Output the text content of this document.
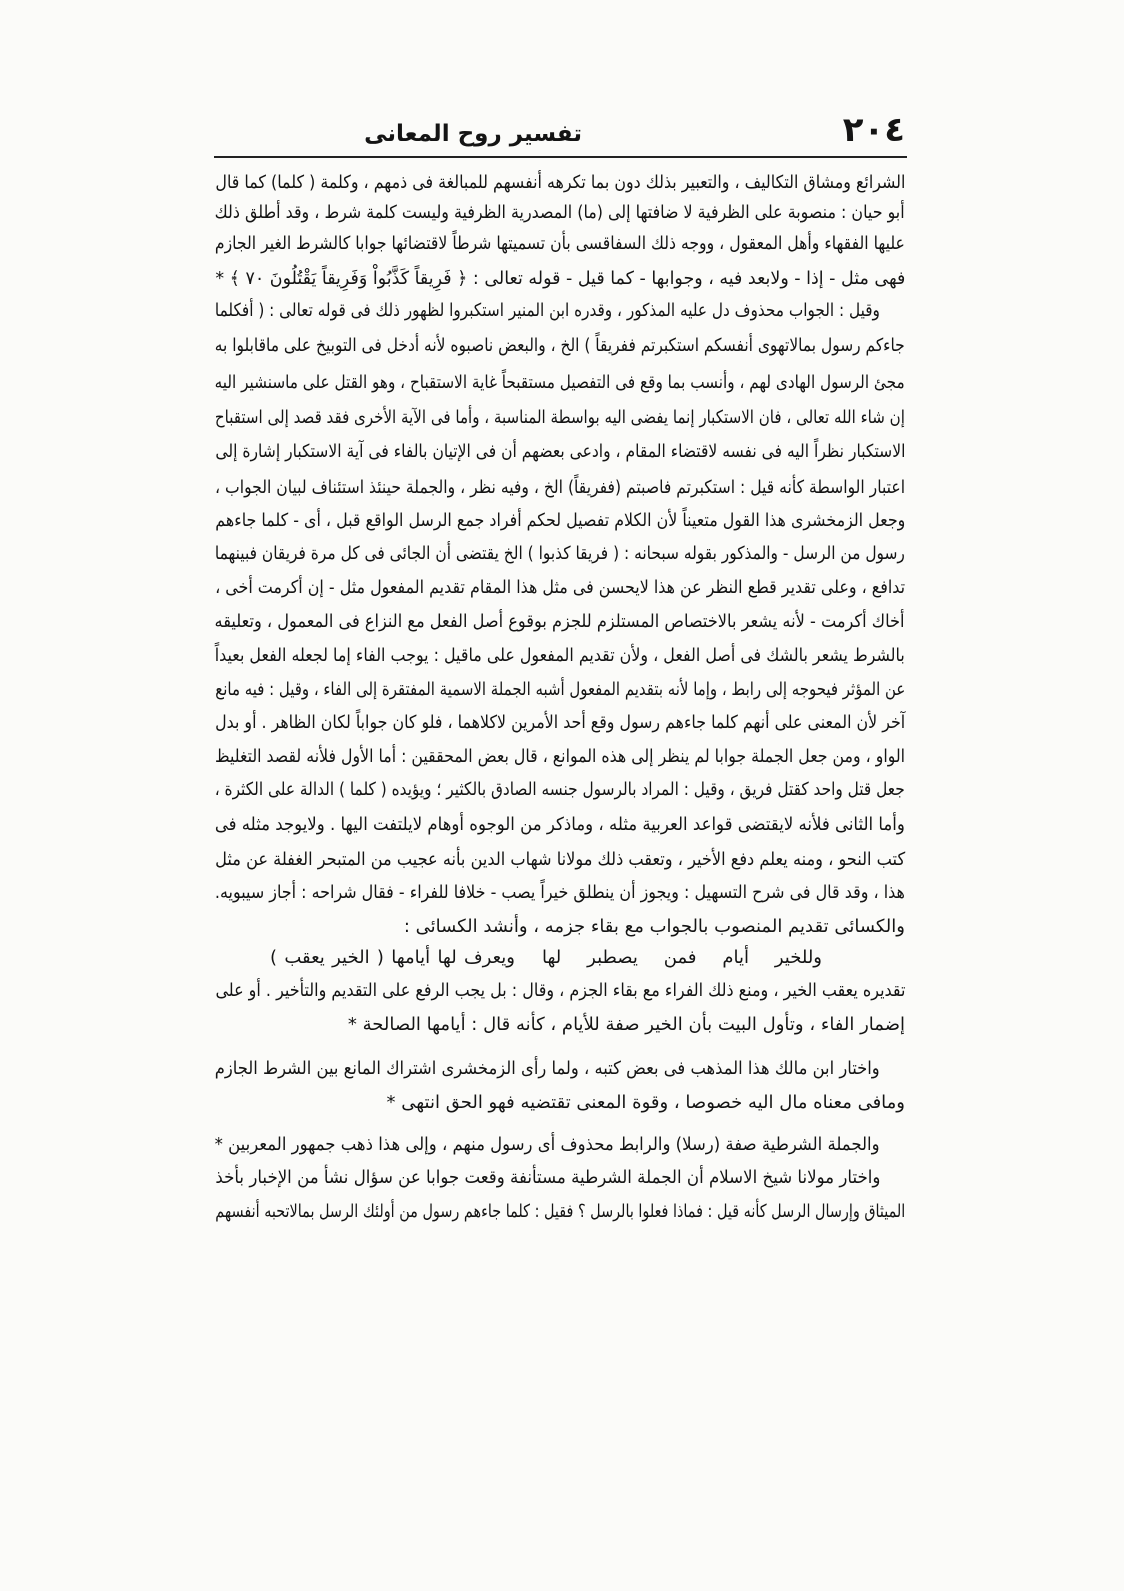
٢٠٤
تفسير روح المعانى
الشرائع ومشاق التكاليف ، والتعبير بذلك دون بما تكرهه أنفسهم للمبالغة فى ذمهم ، وكلمة ( كلما) كما قال
أبو حيان : منصوبة على الظرفية لا ضافتها إلى (ما) المصدرية الظرفية وليست كلمة شرط ، وقد أطلق ذلك
عليها الفقهاء وأهل المعقول ، ووجه ذلك السفاقسى بأن تسميتها شرطاً لاقتضائها جوابا كالشرط الغير الجازم
فهى مثل - إذا - ولابعد فيه ، وجوابها - كما قيل - قوله تعالى : ﴿ فَرِيقاً كَذَّبُواْ وَفَرِيقاً يَقْتُلُونَ ٧٠ ﴾ *
وقيل : الجواب محذوف دل عليه المذكور ، وقدره ابن المنير استكبروا لظهور ذلك فى قوله تعالى : ( أفكلما
جاءكم رسول بمالاتهوى أنفسكم استكبرتم ففريقاً ) الخ ، والبعض ناصبوه لأنه أدخل فى التوبيخ على ماقابلوا به
مجئ الرسول الهادى لهم ، وأنسب بما وقع فى التفصيل مستقبحاً غاية الاستقباح ، وهو القتل على ماسنشير اليه
إن شاء الله تعالى ، فان الاستكبار إنما يفضى اليه بواسطة المناسبة ، وأما فى الآية الأخرى فقد قصد إلى استقباح
الاستكبار نظراً اليه فى نفسه لاقتضاء المقام ، وادعى بعضهم أن فى الإتيان بالفاء فى آية الاستكبار إشارة إلى
اعتبار الواسطة كأنه قيل : استكبرتم فاصبتم (ففريقاً) الخ ، وفيه نظر ، والجملة حينئذ استئناف لبيان الجواب ،
وجعل الزمخشرى هذا القول متعيناً لأن الكلام تفصيل لحكم أفراد جمع الرسل الواقع قبل ، أى - كلما جاءهم
رسول من الرسل - والمذكور بقوله سبحانه : ( فريقا كذبوا ) الخ يقتضى أن الجائى فى كل مرة فريقان فبينهما
تدافع ، وعلى تقدير قطع النظر عن هذا لايحسن فى مثل هذا المقام تقديم المفعول مثل - إن أكرمت أخى ،
أخاك أكرمت - لأنه يشعر بالاختصاص المستلزم للجزم بوقوع أصل الفعل مع النزاع فى المعمول ، وتعليقه
بالشرط يشعر بالشك فى أصل الفعل ، ولأن تقديم المفعول على ماقيل : يوجب الفاء إما لجعله الفعل بعيداً
عن المؤثر فيحوجه إلى رابط ، وإما لأنه بتقديم المفعول أشبه الجملة الاسمية المفتقرة إلى الفاء ، وقيل : فيه مانع
آخر لأن المعنى على أنهم كلما جاءهم رسول وقع أحد الأمرين لاكلاهما ، فلو كان جواباً لكان الظاهر . أو بدل
الواو ، ومن جعل الجملة جوابا لم ينظر إلى هذه الموانع ، قال بعض المحققين : أما الأول فلأنه لقصد التغليظ
جعل قتل واحد كقتل فريق ، وقيل : المراد بالرسول جنسه الصادق بالكثير ؛ ويؤيده ( كلما ) الدالة على الكثرة ،
وأما الثانى فلأنه لايقتضى قواعد العربية مثله ، وماذكر من الوجوه أوهام لايلتفت اليها . ولايوجد مثله فى
كتب النحو ، ومنه يعلم دفع الأخير ، وتعقب ذلك مولانا شهاب الدين بأنه عجيب من المتبحر الغفلة عن مثل
هذا ، وقد قال فى شرح التسهيل : ويجوز أن ينطلق خيراً يصب - خلافا للفراء - فقال شراحه : أجاز سيبويه.
والكسائى تقديم المنصوب بالجواب مع بقاء جزمه ، وأنشد الكسائى :
وللخير أيام فمن يصطبر لها
ويعرف لها أيامها ( الخير يعقب )
تقديره يعقب الخير ، ومنع ذلك الفراء مع بقاء الجزم ، وقال : بل يجب الرفع على التقديم والتأخير . أو على
إضمار الفاء ، وتأول البيت بأن الخير صفة للأيام ، كأنه قال : أيامها الصالحة *
واختار ابن مالك هذا المذهب فى بعض كتبه ، ولما رأى الزمخشرى اشتراك المانع بين الشرط الجازم
ومافى معناه مال اليه خصوصا ، وقوة المعنى تقتضيه فهو الحق انتهى *
والجملة الشرطية صفة (رسلا) والرابط محذوف أى رسول منهم ، وإلى هذا ذهب جمهور المعربين *
واختار مولانا شيخ الاسلام أن الجملة الشرطية مستأنفة وقعت جوابا عن سؤال نشأ من الإخبار بأخذ
الميثاق وإرسال الرسل كأنه قيل : فماذا فعلوا بالرسل ؟ فقيل : كلما جاءهم رسول من أولئك الرسل بمالاتحبه أنفسهم
